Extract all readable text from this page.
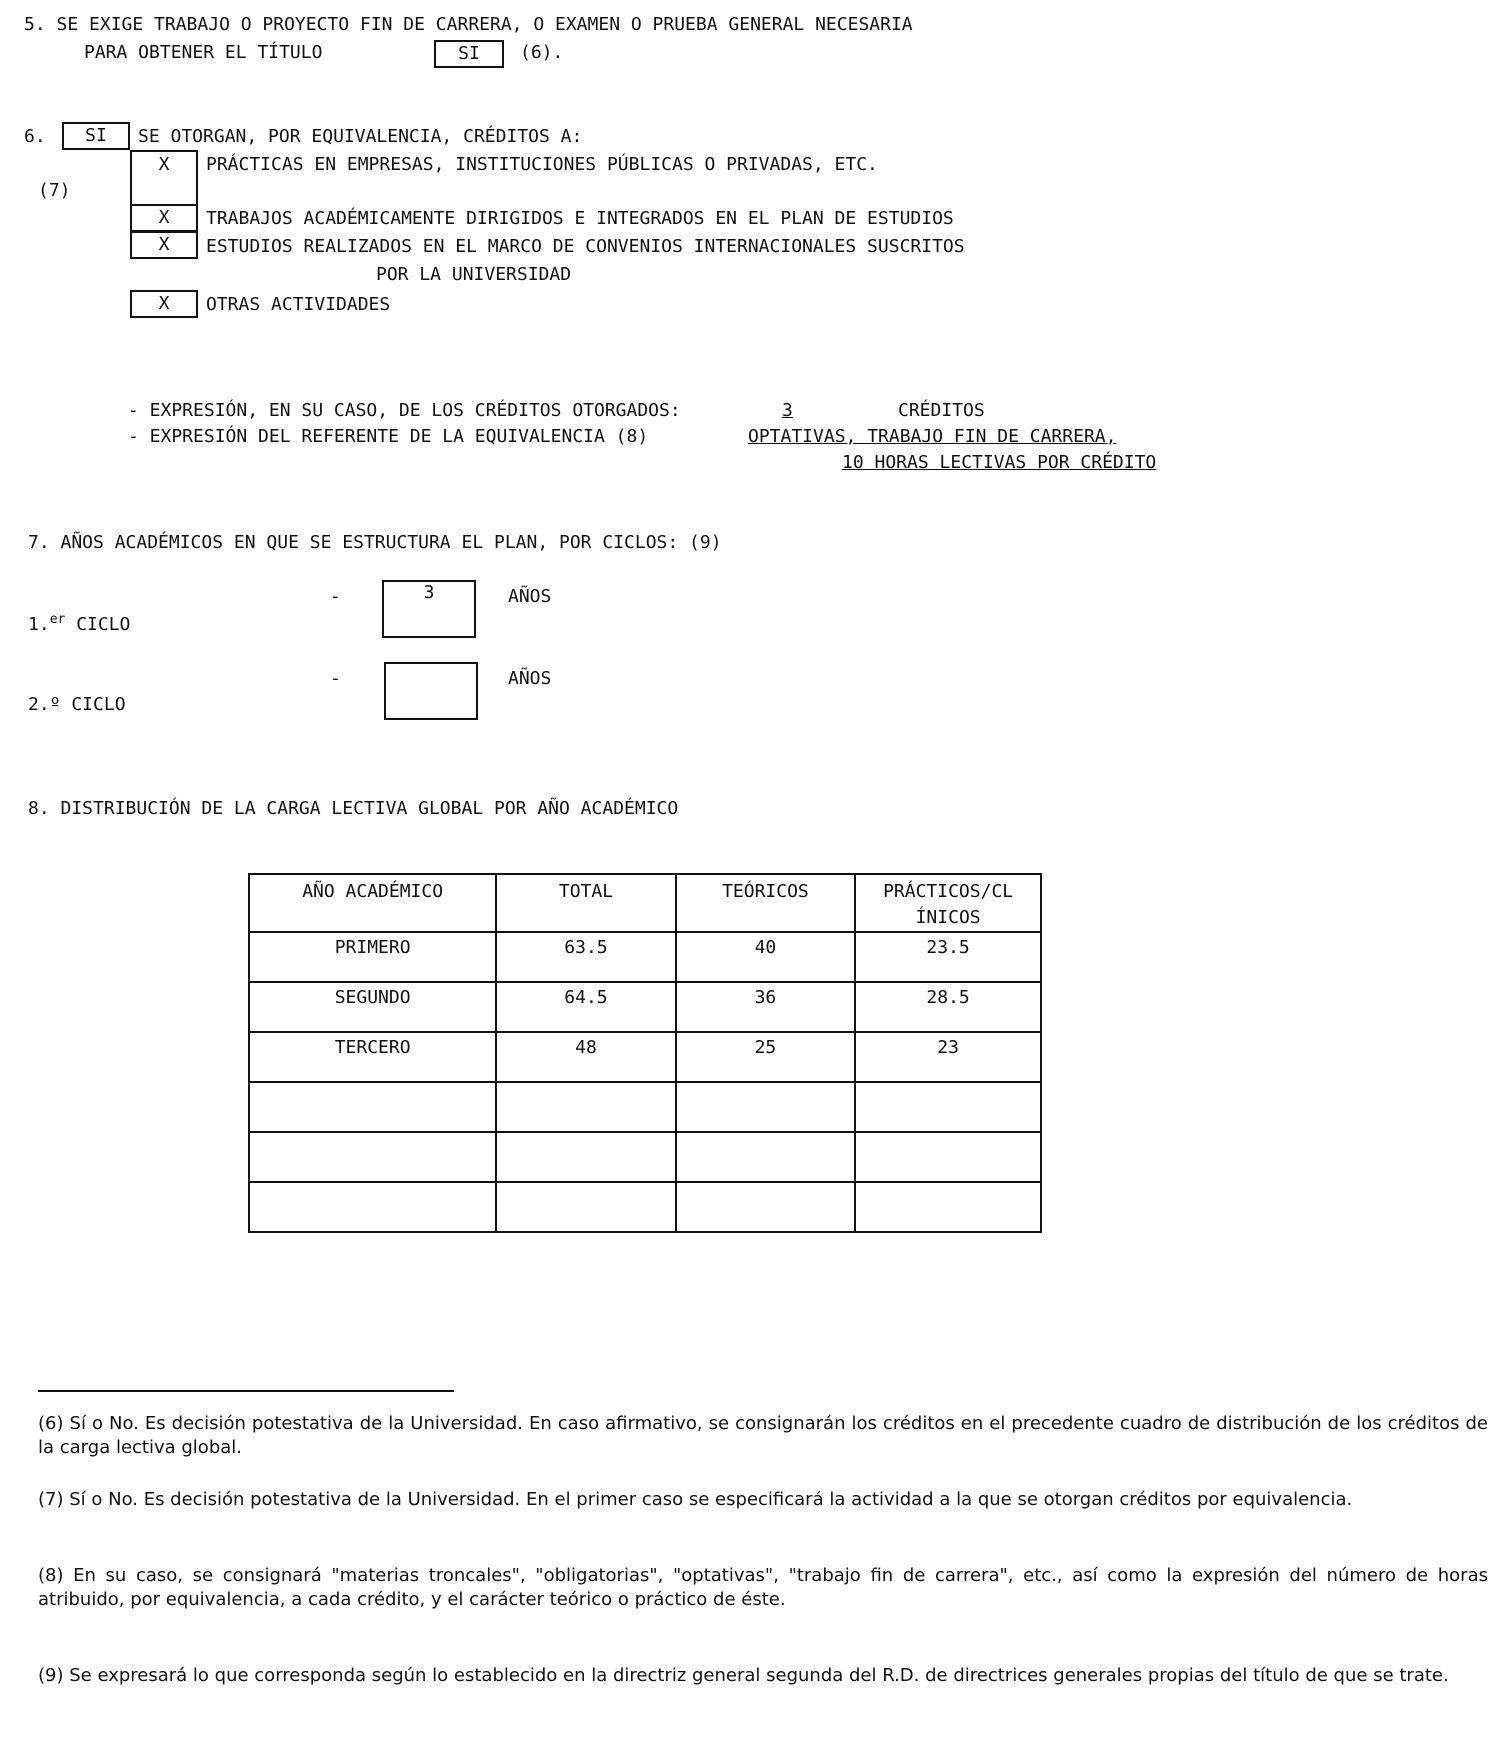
5. SE EXIGE TRABAJO O PROYECTO FIN DE CARRERA, O EXAMEN O PRUEBA GENERAL NECESARIA
PARA OBTENER EL TÍTULO	SI	(6).
6.	SI	SE OTORGAN, POR EQUIVALENCIA, CRÉDITOS A:
(7)
X	PRÁCTICAS EN EMPRESAS, INSTITUCIONES PÚBLICAS O PRIVADAS, ETC.
X	TRABAJOS ACADÉMICAMENTE DIRIGIDOS E INTEGRADOS EN EL PLAN DE ESTUDIOS
X	ESTUDIOS REALIZADOS EN EL MARCO DE CONVENIOS INTERNACIONALES SUSCRITOS
POR LA UNIVERSIDAD
X	OTRAS ACTIVIDADES
- EXPRESIÓN, EN SU CASO, DE LOS CRÉDITOS OTORGADOS:	3	CRÉDITOS
- EXPRESIÓN DEL REFERENTE DE LA EQUIVALENCIA (8)	OPTATIVAS, TRABAJO FIN DE CARRERA,
10 HORAS LECTIVAS POR CRÉDITO
7. AÑOS ACADÉMICOS EN QUE SE ESTRUCTURA EL PLAN, POR CICLOS: (9)
1.$^{er}$ CICLO
-	3	AÑOS
2.º CICLO
-	AÑOS
8. DISTRIBUCIÓN DE LA CARGA LECTIVA GLOBAL POR AÑO ACADÉMICO
AÑO ACADÉMICO	TOTAL	TEÓRICOS	PRÁCTICOS/CL
ÍNICOS
PRIMERO	63.5	40	23.5
SEGUNDO	64.5	36	28.5
TERCERO	48	25	23

(6) Sí o No. Es decisión potestativa de la Universidad. En caso afirmativo, se consignarán los créditos en el precedente cuadro de distribución de los créditos de la carga lectiva global.
(7) Sí o No. Es decisión potestativa de la Universidad. En el primer caso se especificará la actividad a la que se otorgan créditos por equivalencia.
(8) En su caso, se consignará "materias troncales", "obligatorias", "optativas", "trabajo fin de carrera", etc., así como la expresión del número de horas atribuido, por equivalencia, a cada crédito, y el carácter teórico o práctico de éste.
(9) Se expresará lo que corresponda según lo establecido en la directriz general segunda del R.D. de directrices generales propias del título de que se trate.
